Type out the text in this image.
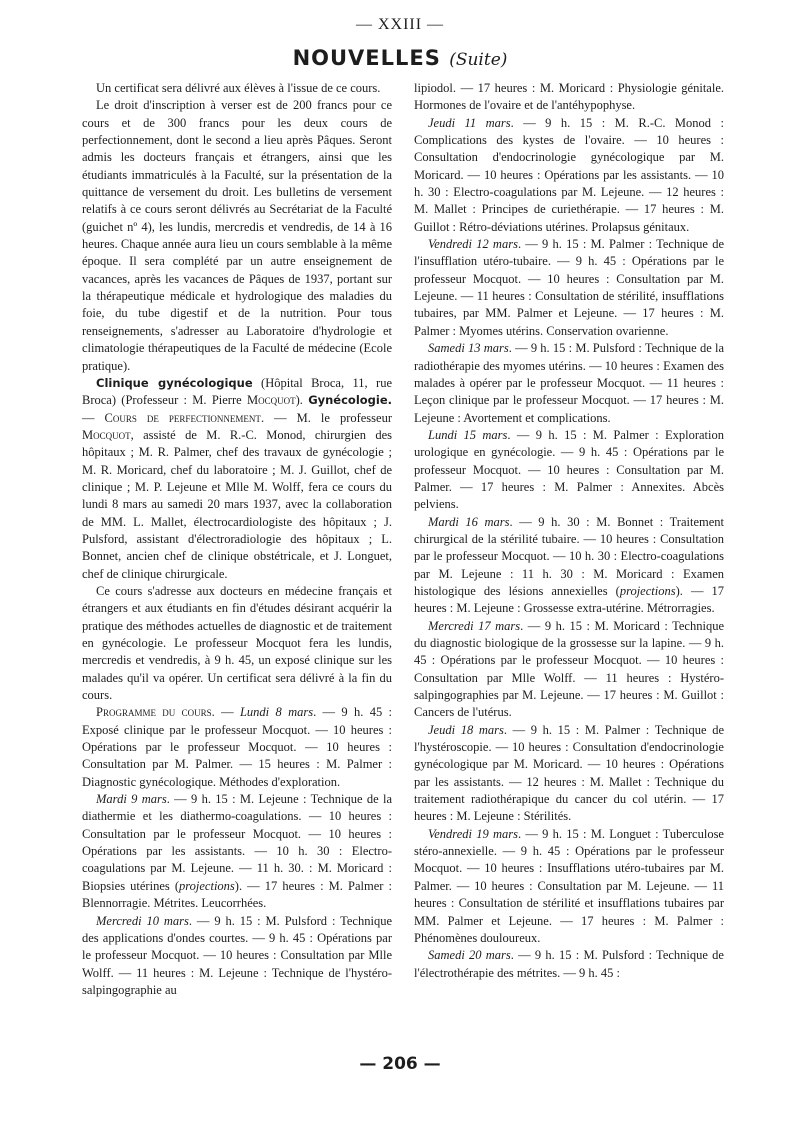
— XXIII —
NOUVELLES (Suite)

Un certificat sera délivré aux élèves à l'issue de ce cours.

Le droit d'inscription à verser est de 200 francs pour ce cours et de 300 francs pour les deux cours de perfectionnement, dont le second a lieu après Pâques. Seront admis les docteurs français et étrangers, ainsi que les étudiants immatriculés à la Faculté, sur la présentation de la quittance de versement du droit. Les bulletins de versement relatifs à ce cours seront délivrés au Secrétariat de la Faculté (guichet nº 4), les lundis, mercredis et vendredis, de 14 à 16 heures. Chaque année aura lieu un cours semblable à la même époque. Il sera complété par un autre enseignement de vacances, après les vacances de Pâques de 1937, portant sur la thérapeutique médicale et hydrologique des maladies du foie, du tube digestif et de la nutrition. Pour tous renseignements, s'adresser au Laboratoire d'hydrologie et climatologie thérapeutiques de la Faculté de médecine (Ecole pratique).

Clinique gynécologique (Hôpital Broca, 11, rue Broca) (Professeur : M. Pierre Mocquot). Gynécologie. — Cours de perfectionnement. — M. le professeur Mocquot, assisté de M. R.-C. Monod, chirurgien des hôpitaux ; M. R. Palmer, chef des travaux de gynécologie ; M. R. Moricard, chef du laboratoire ; M. J. Guillot, chef de clinique ; M. P. Lejeune et Mlle M. Wolff, fera ce cours du lundi 8 mars au samedi 20 mars 1937, avec la collaboration de MM. L. Mallet, électrocardiologiste des hôpitaux ; J. Pulsford, assistant d'électroradiologie des hôpitaux ; L. Bonnet, ancien chef de clinique obstétricale, et J. Longuet, chef de clinique chirurgicale.

Ce cours s'adresse aux docteurs en médecine français et étrangers et aux étudiants en fin d'études désirant acquérir la pratique des méthodes actuelles de diagnostic et de traitement en gynécologie. Le professeur Mocquot fera les lundis, mercredis et vendredis, à 9 h. 45, un exposé clinique sur les malades qu'il va opérer. Un certificat sera délivré à la fin du cours.

Programme du cours. — Lundi 8 mars. — 9 h. 45 : Exposé clinique par le professeur Mocquot. — 10 heures : Opérations par le professeur Mocquot. — 10 heures : Consultation par M. Palmer. — 15 heures : M. Palmer : Diagnostic gynécologique. Méthodes d'exploration.

Mardi 9 mars. — 9 h. 15 : M. Lejeune : Technique de la diathermie et les diathermo-coagulations. — 10 heures : Consultation par le professeur Mocquot. — 10 heures : Opérations par les assistants. — 10 h. 30 : Electro-coagulations par M. Lejeune. — 11 h. 30. : M. Moricard : Biopsies utérines (projections). — 17 heures : M. Palmer : Blennorragie. Métrites. Leucorrhées.

Mercredi 10 mars. — 9 h. 15 : M. Pulsford : Technique des applications d'ondes courtes. — 9 h. 45 : Opérations par le professeur Mocquot. — 10 heures : Consultation par Mlle Wolff. — 11 heures : M. Lejeune : Technique de l'hystéro-salpingographie au

lipiodol. — 17 heures : M. Moricard : Physiologie génitale. Hormones de l'ovaire et de l'antéhypophyse.

Jeudi 11 mars. — 9 h. 15 : M. R.-C. Monod : Complications des kystes de l'ovaire. — 10 heures : Consultation d'endocrinologie gynécologique par M. Moricard. — 10 heures : Opérations par les assistants. — 10 h. 30 : Electro-coagulations par M. Lejeune. — 12 heures : M. Mallet : Principes de curiethérapie. — 17 heures : M. Guillot : Rétro-déviations utérines. Prolapsus génitaux.

Vendredi 12 mars. — 9 h. 15 : M. Palmer : Technique de l'insufflation utéro-tubaire. — 9 h. 45 : Opérations par le professeur Mocquot. — 10 heures : Consultation par M. Lejeune. — 11 heures : Consultation de stérilité, insufflations tubaires, par MM. Palmer et Lejeune. — 17 heures : M. Palmer : Myomes utérins. Conservation ovarienne.

Samedi 13 mars. — 9 h. 15 : M. Pulsford : Technique de la radiothérapie des myomes utérins. — 10 heures : Examen des malades à opérer par le professeur Mocquot. — 11 heures : Leçon clinique par le professeur Mocquot. — 17 heures : M. Lejeune : Avortement et complications.

Lundi 15 mars. — 9 h. 15 : M. Palmer : Exploration urologique en gynécologie. — 9 h. 45 : Opérations par le professeur Mocquot. — 10 heures : Consultation par M. Palmer. — 17 heures : M. Palmer : Annexites. Abcès pelviens.

Mardi 16 mars. — 9 h. 30 : M. Bonnet : Traitement chirurgical de la stérilité tubaire. — 10 heures : Consultation par le professeur Mocquot. — 10 h. 30 : Electro-coagulations par M. Lejeune : 11 h. 30 : M. Moricard : Examen histologique des lésions annexielles (projections). — 17 heures : M. Lejeune : Grossesse extra-utérine. Métrorragies.

Mercredi 17 mars. — 9 h. 15 : M. Moricard : Technique du diagnostic biologique de la grossesse sur la lapine. — 9 h. 45 : Opérations par le professeur Mocquot. — 10 heures : Consultation par Mlle Wolff. — 11 heures : Hystéro-salpingographies par M. Lejeune. — 17 heures : M. Guillot : Cancers de l'utérus.

Jeudi 18 mars. — 9 h. 15 : M. Palmer : Technique de l'hystéroscopie. — 10 heures : Consultation d'endocrinologie gynécologique par M. Moricard. — 10 heures : Opérations par les assistants. — 12 heures : M. Mallet : Technique du traitement radiothérapique du cancer du col utérin. — 17 heures : M. Lejeune : Stérilités.

Vendredi 19 mars. — 9 h. 15 : M. Longuet : Tuberculose stéro-annexielle. — 9 h. 45 : Opérations par le professeur Mocquot. — 10 heures : Insufflations utéro-tubaires par M. Palmer. — 10 heures : Consultation par M. Lejeune. — 11 heures : Consultation de stérilité et insufflations tubaires par MM. Palmer et Lejeune. — 17 heures : M. Palmer : Phénomènes douloureux.

Samedi 20 mars. — 9 h. 15 : M. Pulsford : Technique de l'électrothérapie des métrites. — 9 h. 45 :

— 206 —
